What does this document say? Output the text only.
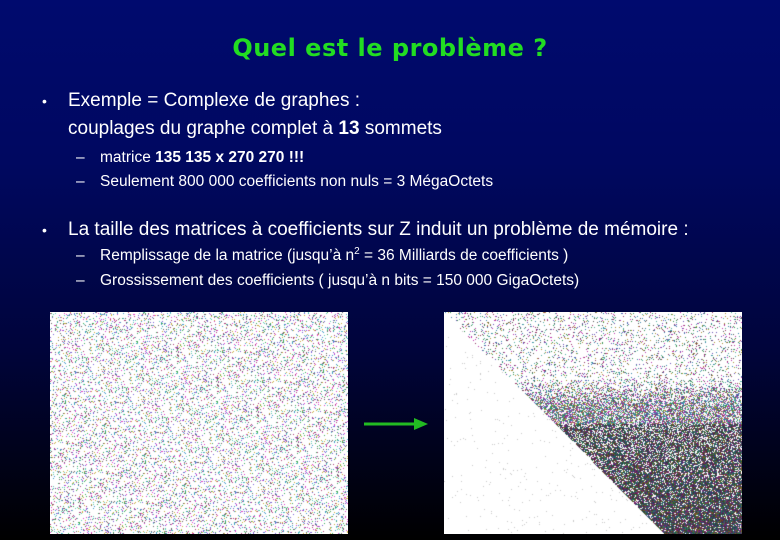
Quel est le problème ?
• Exemple = Complexe de graphes :
couplages du graphe complet à 13 sommets
– matrice 135 135 x 270 270 !!!
– Seulement 800 000 coefficients non nuls = 3 MégaOctets
• La taille des matrices à coefficients sur Z induit un problème de mémoire :
– Remplissage de la matrice (jusqu’à $n^2 = 36$ Milliards de coefficients )
– Grossissement des coefficients ( jusqu’à n bits = 150 000 GigaOctets)
